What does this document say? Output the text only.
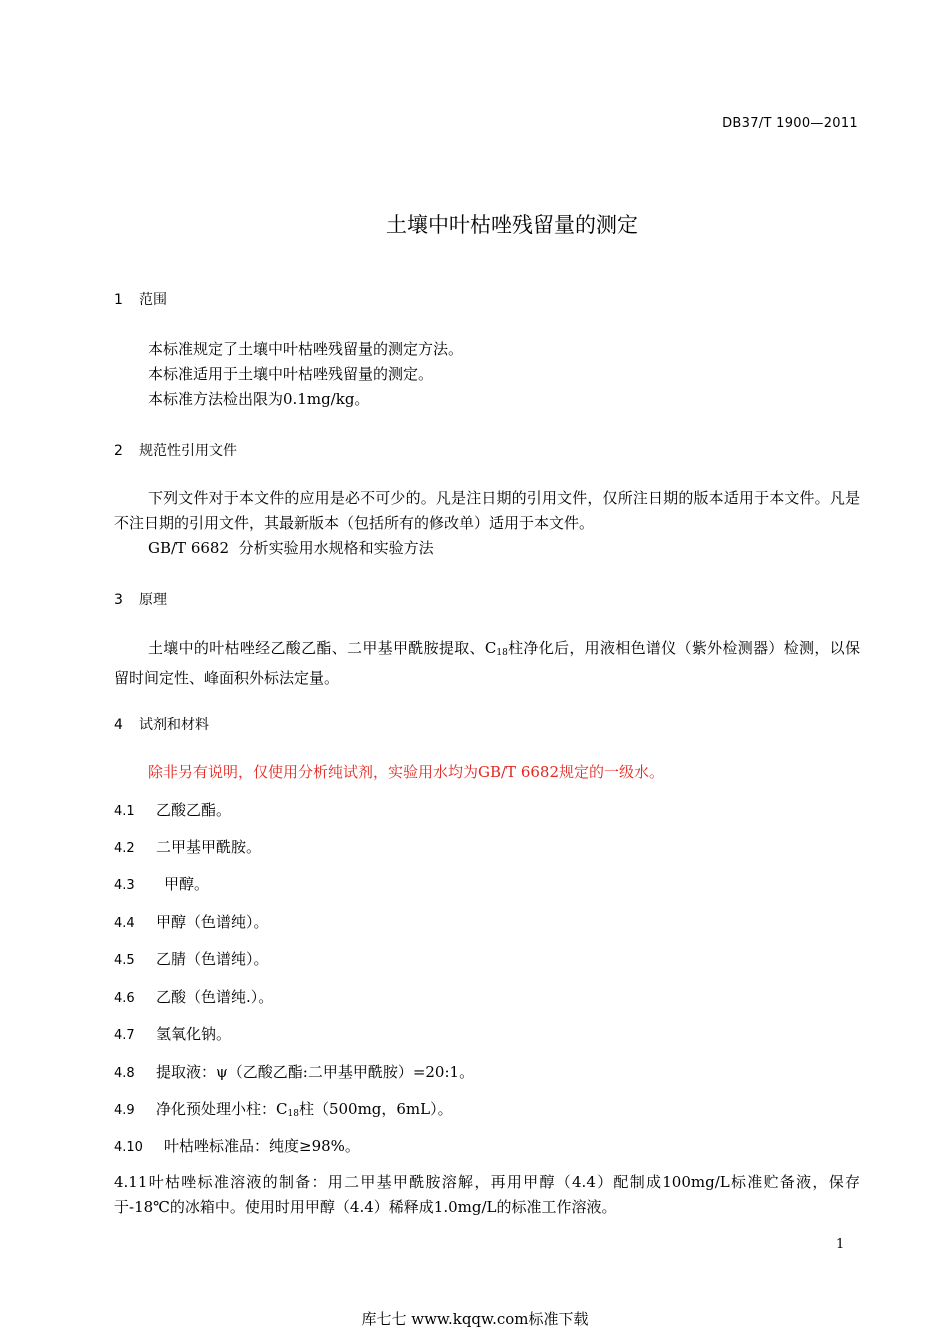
DB37/T 1900—2011
土壤中叶枯唑残留量的测定
1 范围
本标准规定了土壤中叶枯唑残留量的测定方法。
本标准适用于土壤中叶枯唑残留量的测定。
本标准方法检出限为0.1mg/kg。
2 规范性引用文件
下列文件对于本文件的应用是必不可少的。凡是注日期的引用文件，仅所注日期的版本适用于本文件。凡是不注日期的引用文件，其最新版本（包括所有的修改单）适用于本文件。
GB/T 6682 分析实验用水规格和实验方法
3 原理
土壤中的叶枯唑经乙酸乙酯、二甲基甲酰胺提取、$C_{18}$柱净化后，用液相色谱仪（紫外检测器）检测，以保留时间定性、峰面积外标法定量。
4 试剂和材料
除非另有说明，仅使用分析纯试剂，实验用水均为GB/T 6682规定的一级水。
4.1 乙酸乙酯。
4.2 二甲基甲酰胺。
4.3 甲醇。
4.4 甲醇（色谱纯）。
4.5 乙腈（色谱纯）。
4.6 乙酸（色谱纯.）。
4.7 氢氧化钠。
4.8 提取液：ψ（乙酸乙酯:二甲基甲酰胺）=20:1。
4.9 净化预处理小柱：$C_{18}$柱（500mg，6mL）。
4.10 叶枯唑标准品：纯度≥98%。
4.11叶枯唑标准溶液的制备：用二甲基甲酰胺溶解，再用甲醇（4.4）配制成100mg/L标准贮备液，保存于-18℃的冰箱中。使用时用甲醇（4.4）稀释成1.0mg/L的标准工作溶液。
1
库七七 www.kqqw.com标准下载
